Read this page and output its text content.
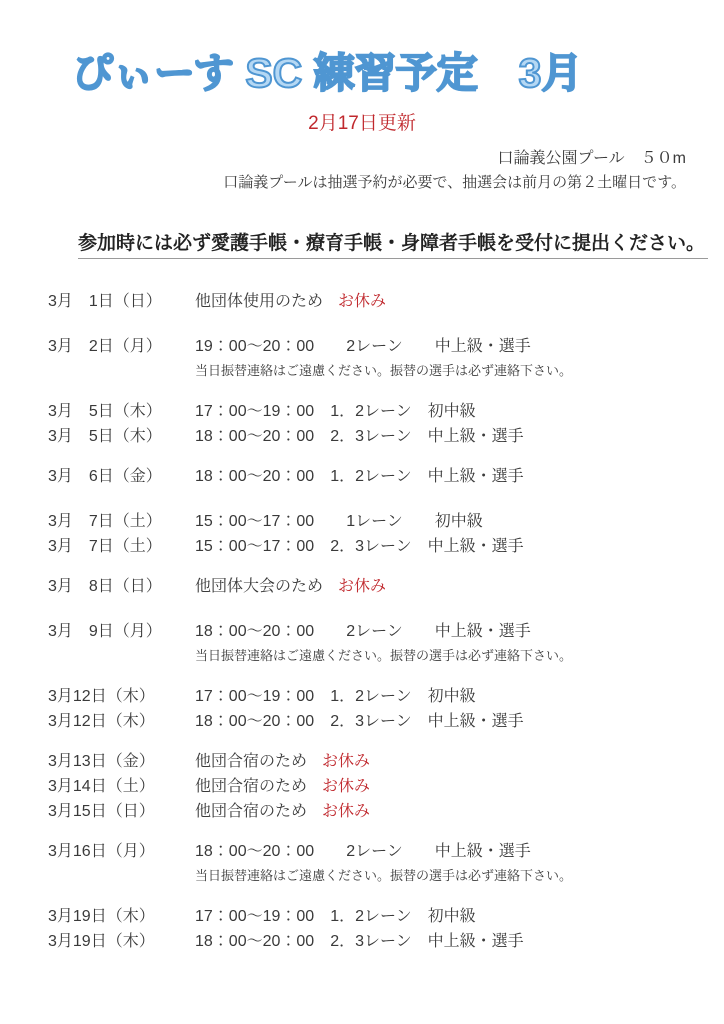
ぴぃーす SC 練習予定　3月
2月17日更新
口論義公園プール　５０m
口論義プールは抽選予約が必要で、抽選会は前月の第２土曜日です。
参加時には必ず愛護手帳・療育手帳・身障者手帳を受付に提出ください。
3月　1日（日）	他団体使用のため お休み
3月　2日（月）	19：00～20：00　　2レーン　　中上級・選手
当日振替連絡はご遠慮ください。振替の選手は必ず連絡下さい。
3月　5日（木）	17：00～19：00　1．2レーン　初中級
3月　5日（木）	18：00～20：00　2．3レーン　中上級・選手
3月　6日（金）	18：00～20：00　1．2レーン　中上級・選手
3月　7日（土）	15：00～17：00　　1レーン　　初中級
3月　7日（土）	15：00～17：00　2．3レーン　中上級・選手
3月　8日（日）	他団体大会のため お休み
3月　9日（月）	18：00～20：00　　2レーン　　中上級・選手
当日振替連絡はご遠慮ください。振替の選手は必ず連絡下さい。
3月12日（木）	17：00～19：00　1．2レーン　初中級
3月12日（木）	18：00～20：00　2．3レーン　中上級・選手
3月13日（金）	他団合宿のため お休み
3月14日（土）	他団合宿のため お休み
3月15日（日）	他団合宿のため お休み
3月16日（月）	18：00～20：00　　2レーン　　中上級・選手
当日振替連絡はご遠慮ください。振替の選手は必ず連絡下さい。
3月19日（木）	17：00～19：00　1．2レーン　初中級
3月19日（木）	18：00～20：00　2．3レーン　中上級・選手
